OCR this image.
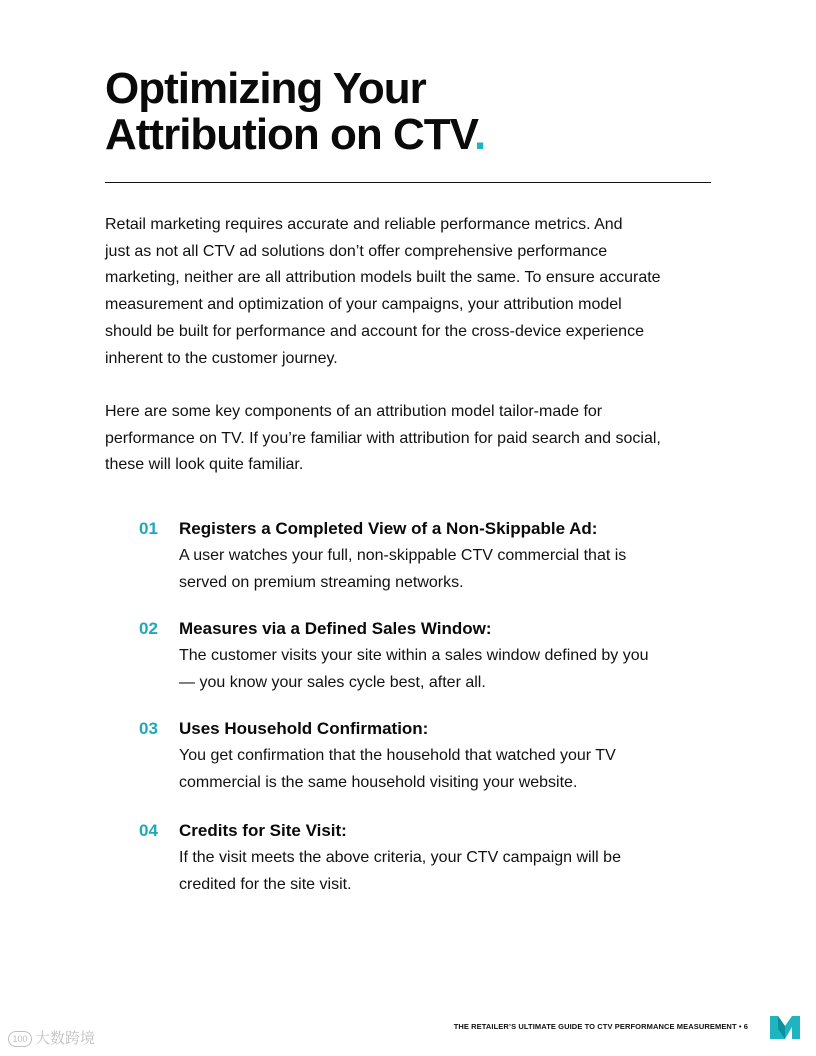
Optimizing Your
Attribution on CTV.

Retail marketing requires accurate and reliable performance metrics. And
just as not all CTV ad solutions don’t offer comprehensive performance
marketing, neither are all attribution models built the same. To ensure accurate
measurement and optimization of your campaigns, your attribution model
should be built for performance and account for the cross-device experience
inherent to the customer journey.

Here are some key components of an attribution model tailor-made for
performance on TV. If you’re familiar with attribution for paid search and social,
these will look quite familiar.

01 Registers a Completed View of a Non-Skippable Ad:
A user watches your full, non-skippable CTV commercial that is
served on premium streaming networks.
02 Measures via a Defined Sales Window:
The customer visits your site within a sales window defined by you
— you know your sales cycle best, after all.
03 Uses Household Confirmation:
You get confirmation that the household that watched your TV
commercial is the same household visiting your website.
04 Credits for Site Visit:
If the visit meets the above criteria, your CTV campaign will be
credited for the site visit.
THE RETAILER’S ULTIMATE GUIDE TO CTV PERFORMANCE MEASUREMENT • 6
100 大数跨境
